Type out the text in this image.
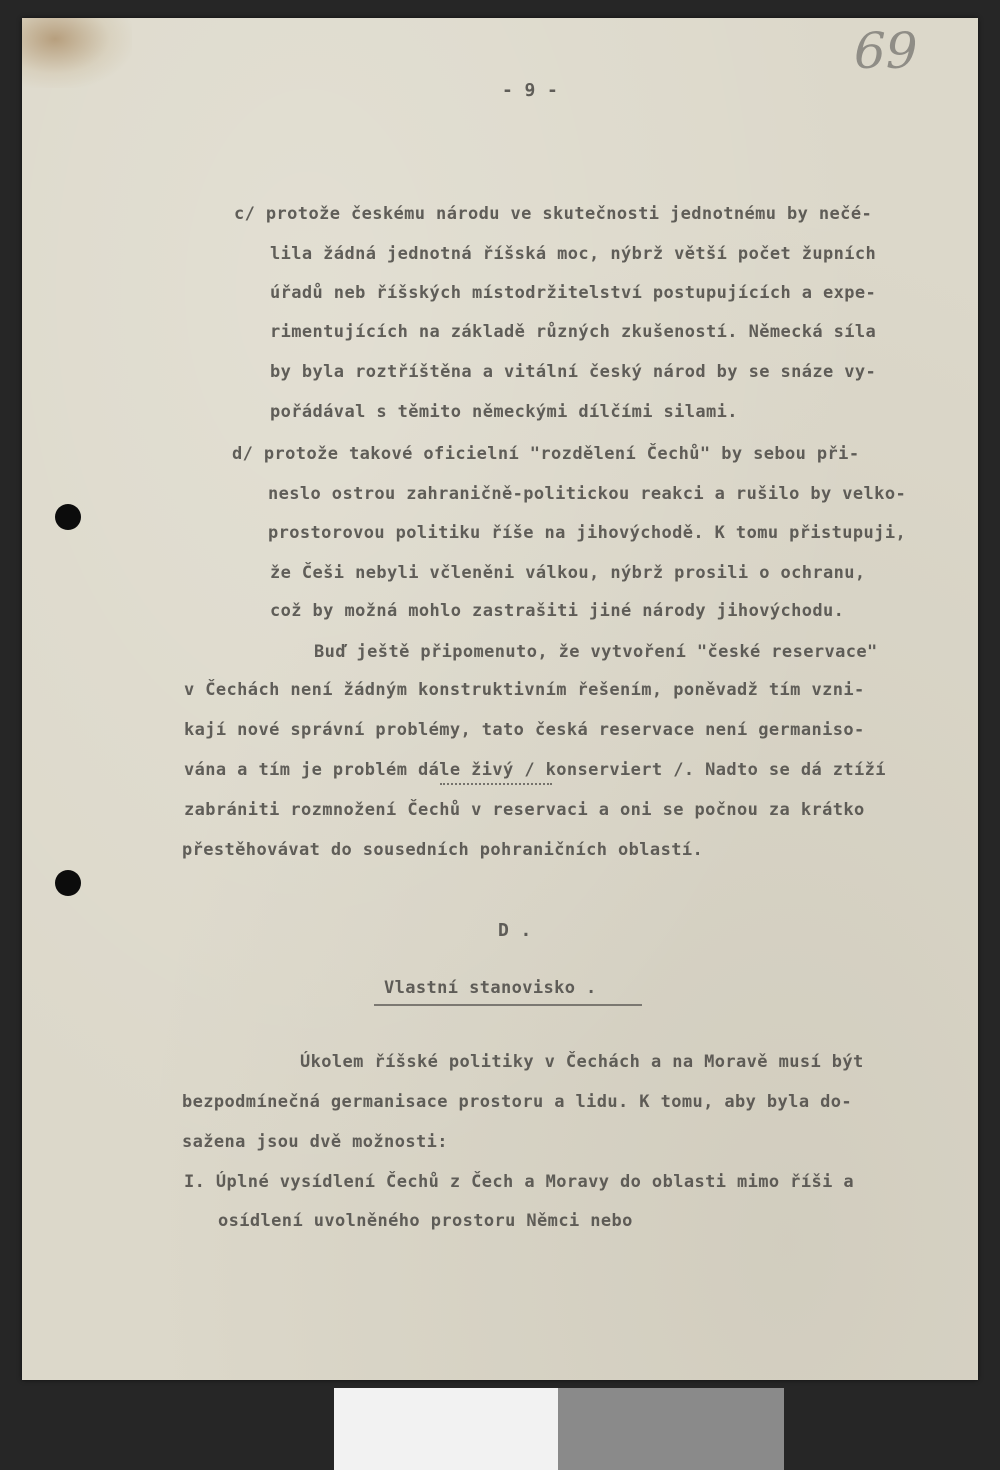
69

- 9 -

c/ protože českému národu ve skutečnosti jednotnému by nečé-

lila žádná jednotná říšská moc, nýbrž větší počet župních

úřadů neb říšských místodržitelství postupujících a expe-

rimentujících na základě různých zkušeností. Německá síla

by byla roztříštěna a vitální český národ by se snáze vy-

pořádával s těmito německými dílčími silami.

d/ protože takové oficielní "rozdělení Čechů" by sebou při-

neslo ostrou zahraničně-politickou reakci a rušilo by velko-

prostorovou politiku říše na jihovýchodě. K tomu přistupuji,

že Češi nebyli včleněni válkou, nýbrž prosili o ochranu,

což by možná mohlo zastrašiti jiné národy jihovýchodu.

Buď ještě připomenuto, že vytvoření "české reservace"

v Čechách není žádným konstruktivním řešením, poněvadž tím vzni-

kají nové správní problémy, tato česká reservace není germaniso-

vána a tím je problém dále živý / konserviert /. Nadto se dá ztíží

zabrániti rozmnožení Čechů v reservaci a oni se počnou za krátko

přestěhovávat do sousedních pohraničních oblastí.

D .

Vlastní stanovisko .

Úkolem říšské politiky v Čechách a na Moravě musí být

bezpodmínečná germanisace prostoru a lidu. K tomu, aby byla do-

sažena jsou dvě možnosti:

I. Úplné vysídlení Čechů z Čech a Moravy do oblasti mimo říši a

osídlení uvolněného prostoru Němci nebo
